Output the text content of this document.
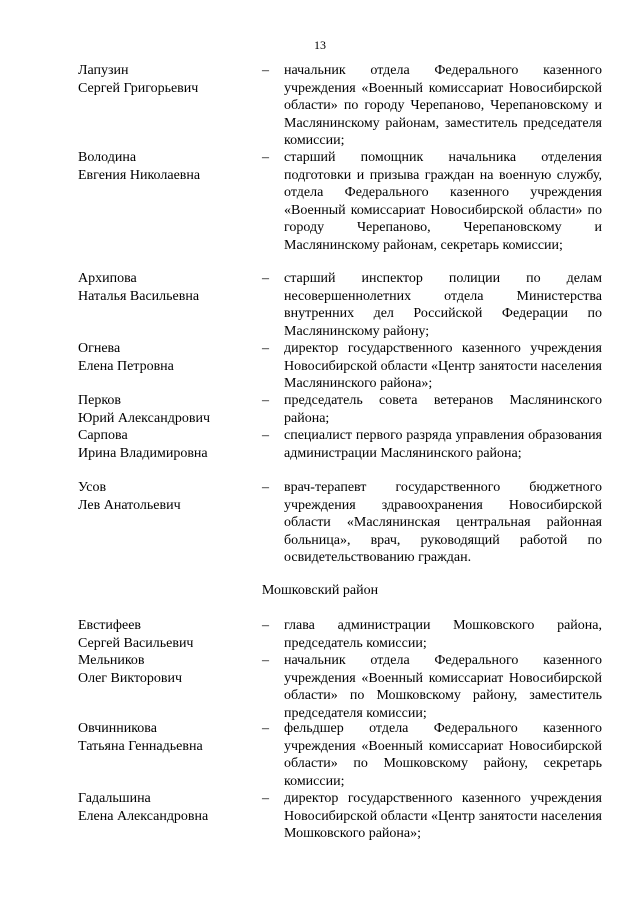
13
Лапузин
Сергей Григорьевич
– начальник отдела Федерального казенного учреждения «Военный комиссариат Новосибирской области» по городу Черепаново, Черепановскому и Маслянинскому районам, заместитель председателя комиссии;
Володина
Евгения Николаевна
– старший помощник начальника отделения подготовки и призыва граждан на военную службу, отдела Федерального казенного учреждения «Военный комиссариат Новосибирской области» по городу Черепаново, Черепановскому и Маслянинскому районам, секретарь комиссии;
Архипова
Наталья Васильевна
– старший инспектор полиции по делам несовершеннолетних отдела Министерства внутренних дел Российской Федерации по Маслянинскому району;
Огнева
Елена Петровна
– директор государственного казенного учреждения Новосибирской области «Центр занятости населения Маслянинского района»;
Перков
Юрий Александрович
– председатель совета ветеранов Маслянинского района;
Сарпова
Ирина Владимировна
– специалист первого разряда управления образования администрации Маслянинского района;
Усов
Лев Анатольевич
– врач-терапевт государственного бюджетного учреждения здравоохранения Новосибирской области «Маслянинская центральная районная больница», врач, руководящий работой по освидетельствованию граждан.
Мошковский район
Евстифеев
Сергей Васильевич
– глава администрации Мошковского района, председатель комиссии;
Мельников
Олег Викторович
– начальник отдела Федерального казенного учреждения «Военный комиссариат Новосибирской области» по Мошковскому району, заместитель председателя комиссии;
Овчинникова
Татьяна Геннадьевна
– фельдшер отдела Федерального казенного учреждения «Военный комиссариат Новосибирской области» по Мошковскому району, секретарь комиссии;
Гадальшина
Елена Александровна
– директор государственного казенного учреждения Новосибирской области «Центр занятости населения Мошковского района»;
